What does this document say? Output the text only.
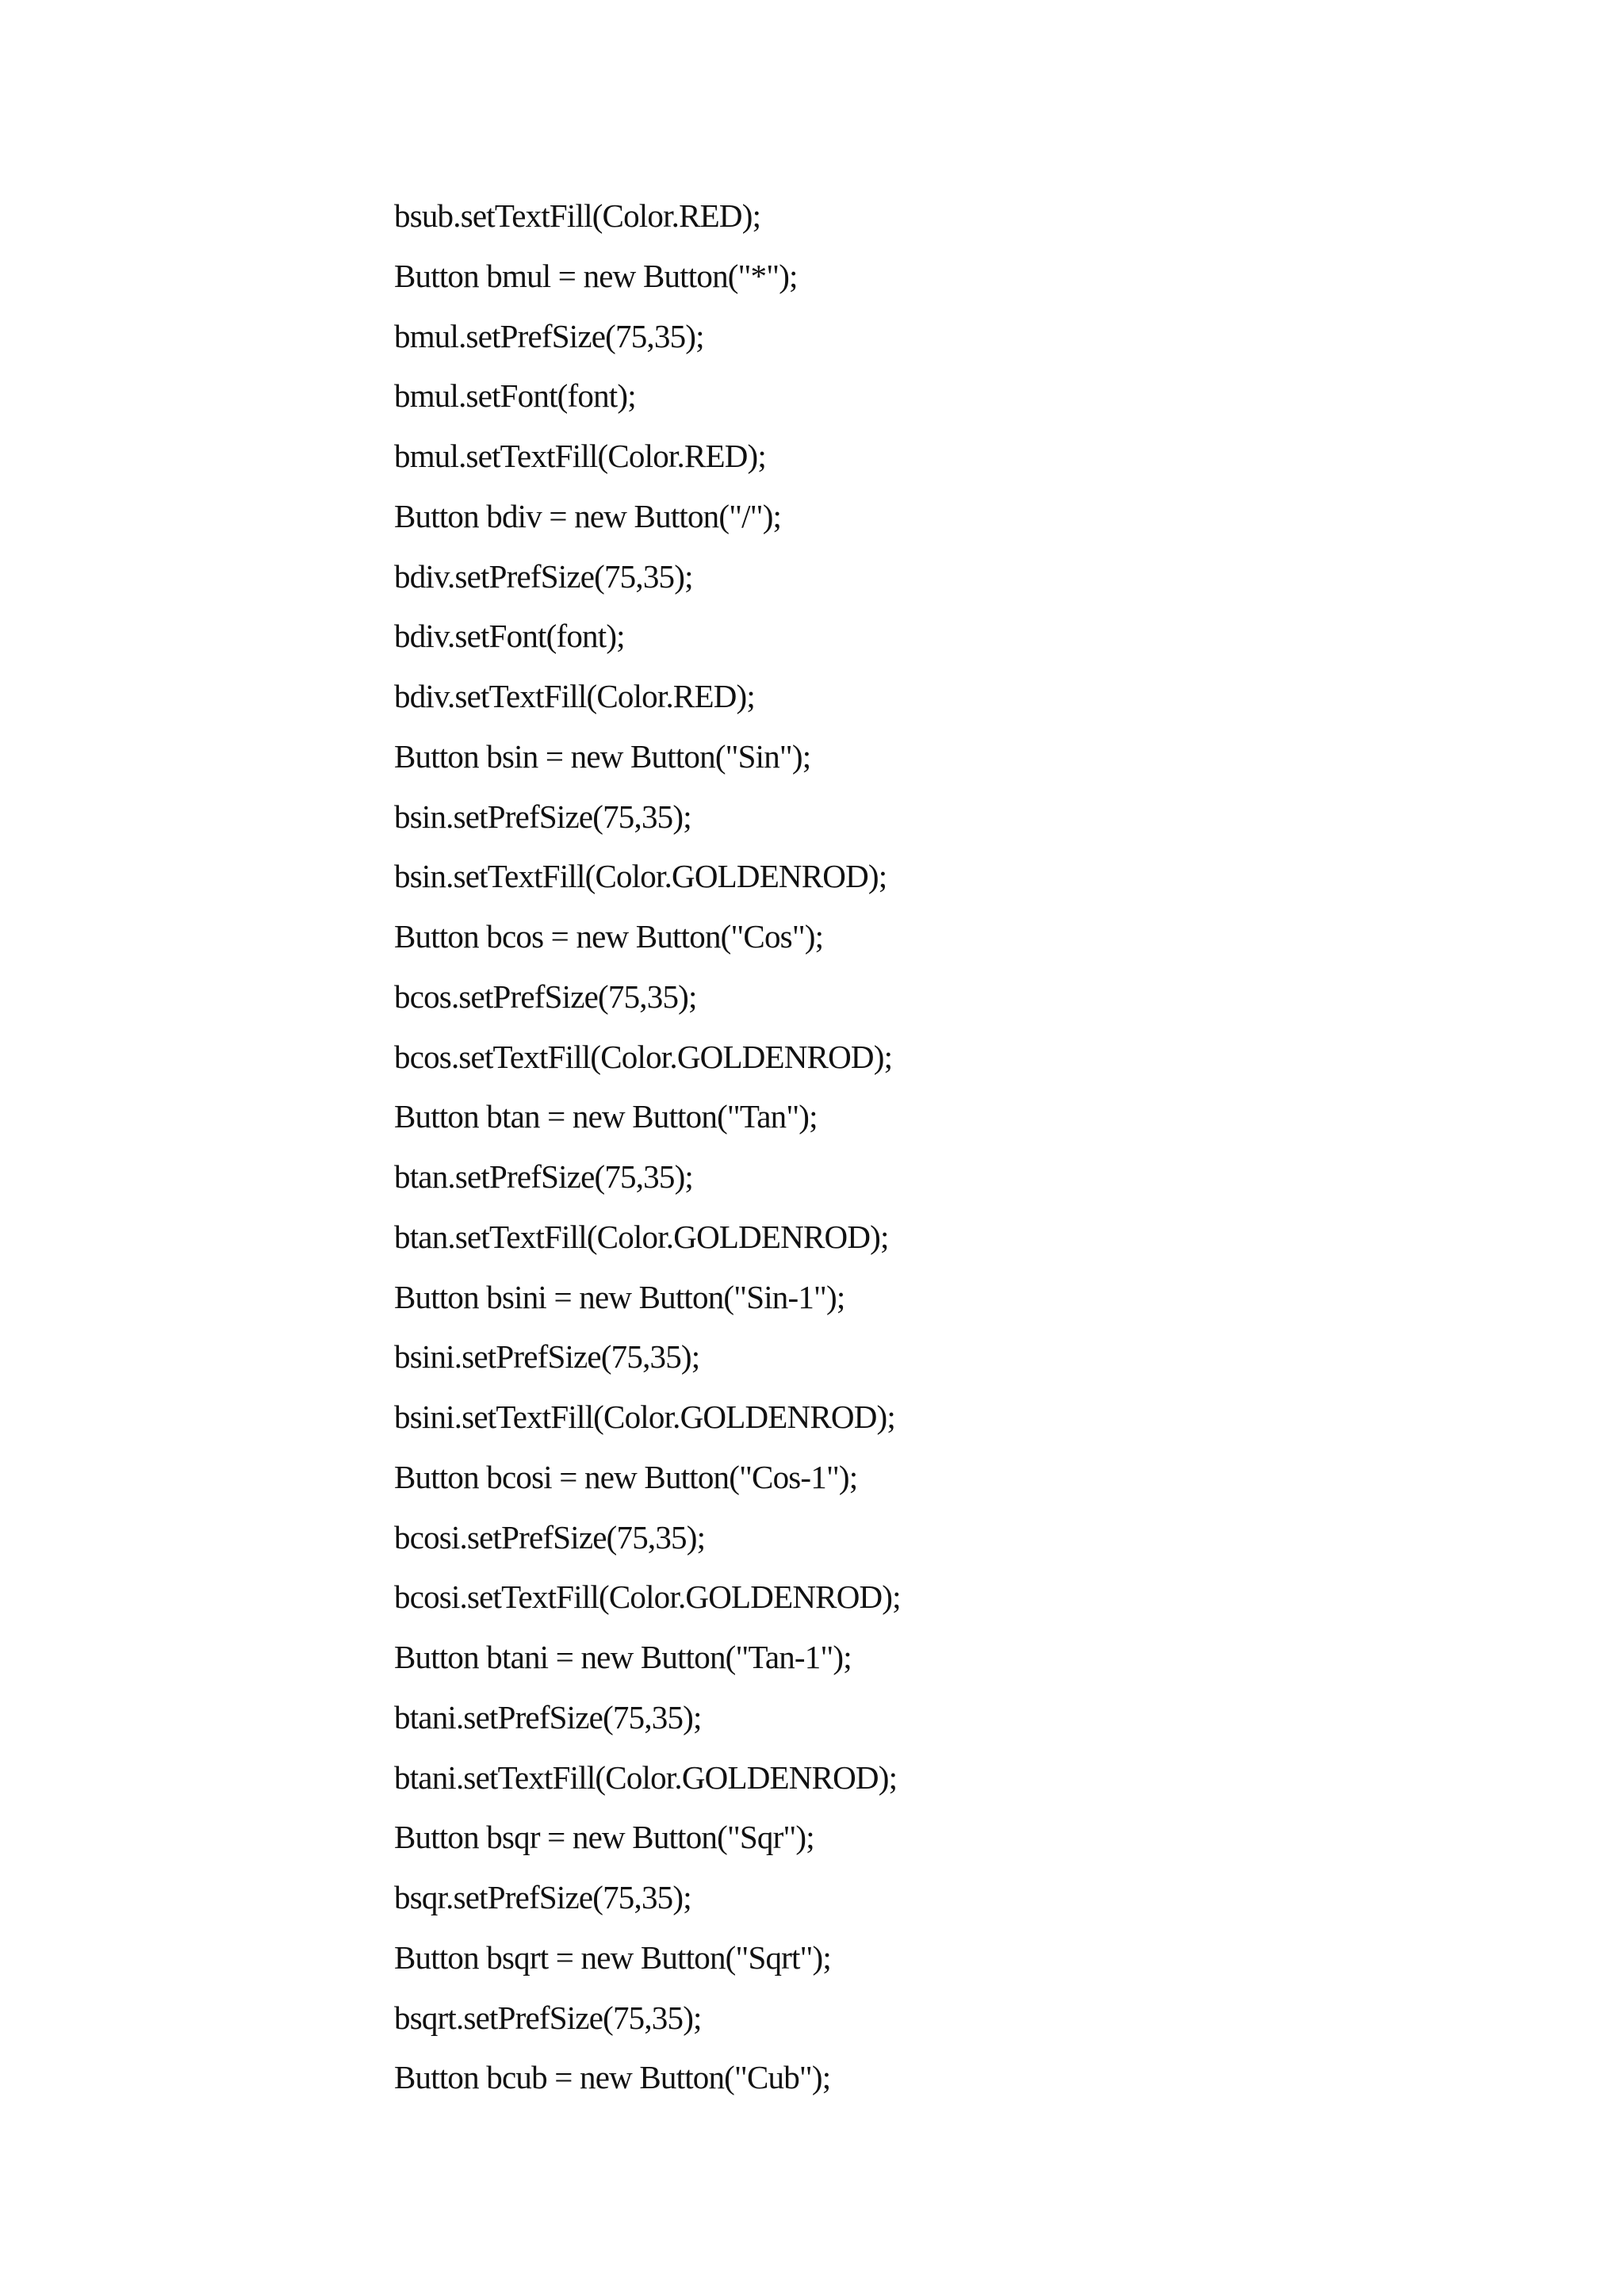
bsub.setTextFill(Color.RED);
Button bmul = new Button("*");
bmul.setPrefSize(75,35);
bmul.setFont(font);
bmul.setTextFill(Color.RED);
Button bdiv = new Button("/");
bdiv.setPrefSize(75,35);
bdiv.setFont(font);
bdiv.setTextFill(Color.RED);
Button bsin = new Button("Sin");
bsin.setPrefSize(75,35);
bsin.setTextFill(Color.GOLDENROD);
Button bcos = new Button("Cos");
bcos.setPrefSize(75,35);
bcos.setTextFill(Color.GOLDENROD);
Button btan = new Button("Tan");
btan.setPrefSize(75,35);
btan.setTextFill(Color.GOLDENROD);
Button bsini = new Button("Sin-1");
bsini.setPrefSize(75,35);
bsini.setTextFill(Color.GOLDENROD);
Button bcosi = new Button("Cos-1");
bcosi.setPrefSize(75,35);
bcosi.setTextFill(Color.GOLDENROD);
Button btani = new Button("Tan-1");
btani.setPrefSize(75,35);
btani.setTextFill(Color.GOLDENROD);
Button bsqr = new Button("Sqr");
bsqr.setPrefSize(75,35);
Button bsqrt = new Button("Sqrt");
bsqrt.setPrefSize(75,35);
Button bcub = new Button("Cub");
